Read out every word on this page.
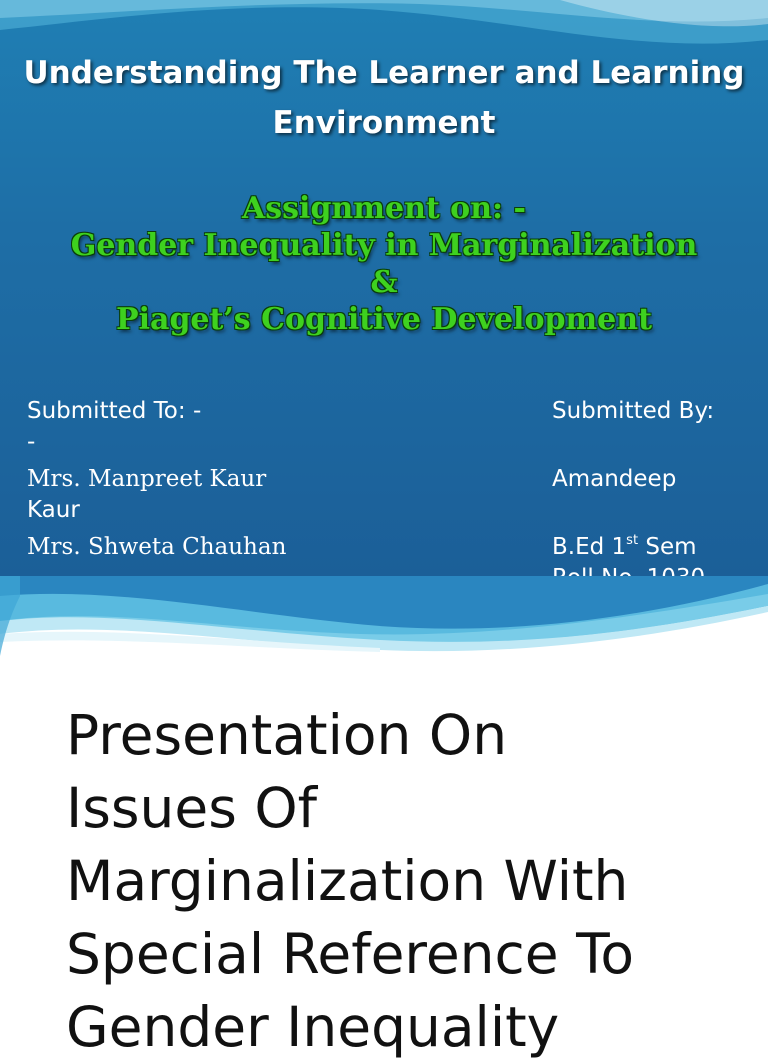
Understanding The Learner and Learning
Environment
Assignment on: -
Gender Inequality in Marginalization
&
Piaget’s Cognitive Development
Submitted To: -
-
Mrs. Manpreet Kaur
Kaur
Mrs. Shweta Chauhan
Submitted By:
Amandeep
B.Ed 1st Sem
Presentation On
Issues Of
Marginalization With
Special Reference To
Gender Inequality
